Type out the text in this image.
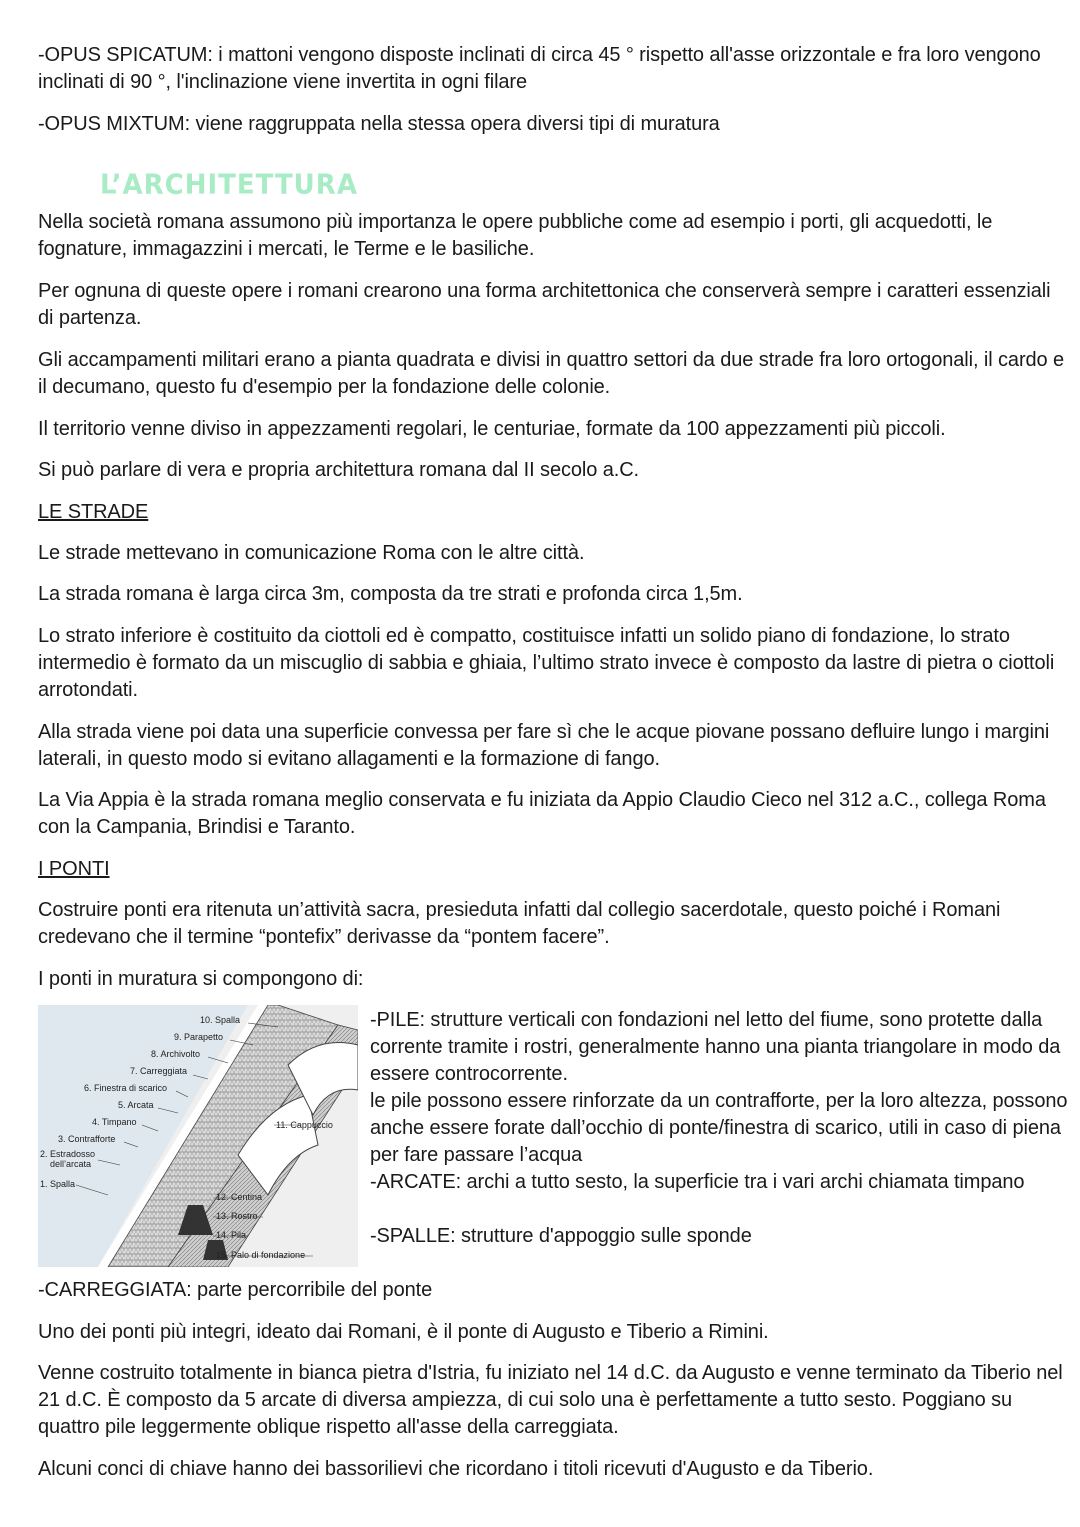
-OPUS SPICATUM: i mattoni vengono disposte inclinati di circa 45 ° rispetto all'asse orizzontale e fra loro vengono inclinati di 90 °, l'inclinazione viene invertita in ogni filare

-OPUS MIXTUM: viene raggruppata nella stessa opera diversi tipi di muratura

L’ARCHITETTURA

Nella società romana assumono più importanza le opere pubbliche come ad esempio i porti, gli acquedotti, le fognature, immagazzini i mercati, le Terme e le basiliche.

Per ognuna di queste opere i romani crearono una forma architettonica che conserverà sempre i caratteri essenziali di partenza.

Gli accampamenti militari erano a pianta quadrata e divisi in quattro settori da due strade fra loro ortogonali, il cardo e il decumano, questo fu d'esempio per la fondazione delle colonie.

Il territorio venne diviso in appezzamenti regolari, le centuriae, formate da 100 appezzamenti più piccoli.

Si può parlare di vera e propria architettura romana dal II secolo a.C.

LE STRADE

Le strade mettevano in comunicazione Roma con le altre città.

La strada romana è larga circa 3m, composta da tre strati e profonda circa 1,5m.

Lo strato inferiore è costituito da ciottoli ed è compatto, costituisce infatti un solido piano di fondazione, lo strato intermedio è formato da un miscuglio di sabbia e ghiaia, l’ultimo strato invece è composto da lastre di pietra o ciottoli arrotondati.

Alla strada viene poi data una superficie convessa per fare sì che le acque piovane possano defluire lungo i margini laterali, in questo modo si evitano allagamenti e la formazione di fango.

La Via Appia è la strada romana meglio conservata e fu iniziata da Appio Claudio Cieco nel 312 a.C., collega Roma con la Campania, Brindisi e Taranto.

I PONTI

Costruire ponti era ritenuta un’attività sacra, presieduta infatti dal collegio sacerdotale, questo poiché i Romani credevano che il termine “pontefix” derivasse da “pontem facere”.

I ponti in muratura si compongono di:

10. Spalla
9. Parapetto
8. Archivolto
7. Carreggiata
6. Finestra di scarico
5. Arcata
4. Timpano
3. Contrafforte
2. Estradosso
dell’arcata
1. Spalla
11. Cappuccio
12. Centina
13. Rostro
14. Pila
15. Palo di fondazione

-PILE: strutture verticali con fondazioni nel letto del fiume, sono protette dalla corrente tramite i rostri, generalmente hanno una pianta triangolare in modo da essere controcorrente.

le pile possono essere rinforzate da un contrafforte, per la loro altezza, possono anche essere forate dall’occhio di ponte/finestra di scarico, utili in caso di piena per fare passare l’acqua

-ARCATE: archi a tutto sesto, la superficie tra i vari archi chiamata timpano

-SPALLE: strutture d'appoggio sulle sponde

-CARREGGIATA: parte percorribile del ponte

Uno dei ponti più integri, ideato dai Romani, è il ponte di Augusto e Tiberio a Rimini.

Venne costruito totalmente in bianca pietra d'Istria, fu iniziato nel 14 d.C. da Augusto e venne terminato da Tiberio nel 21 d.C. È composto da 5 arcate di diversa ampiezza, di cui solo una è perfettamente a tutto sesto. Poggiano su quattro pile leggermente oblique rispetto all'asse della carreggiata.

Alcuni conci di chiave hanno dei bassorilievi che ricordano i titoli ricevuti d'Augusto e da Tiberio.
